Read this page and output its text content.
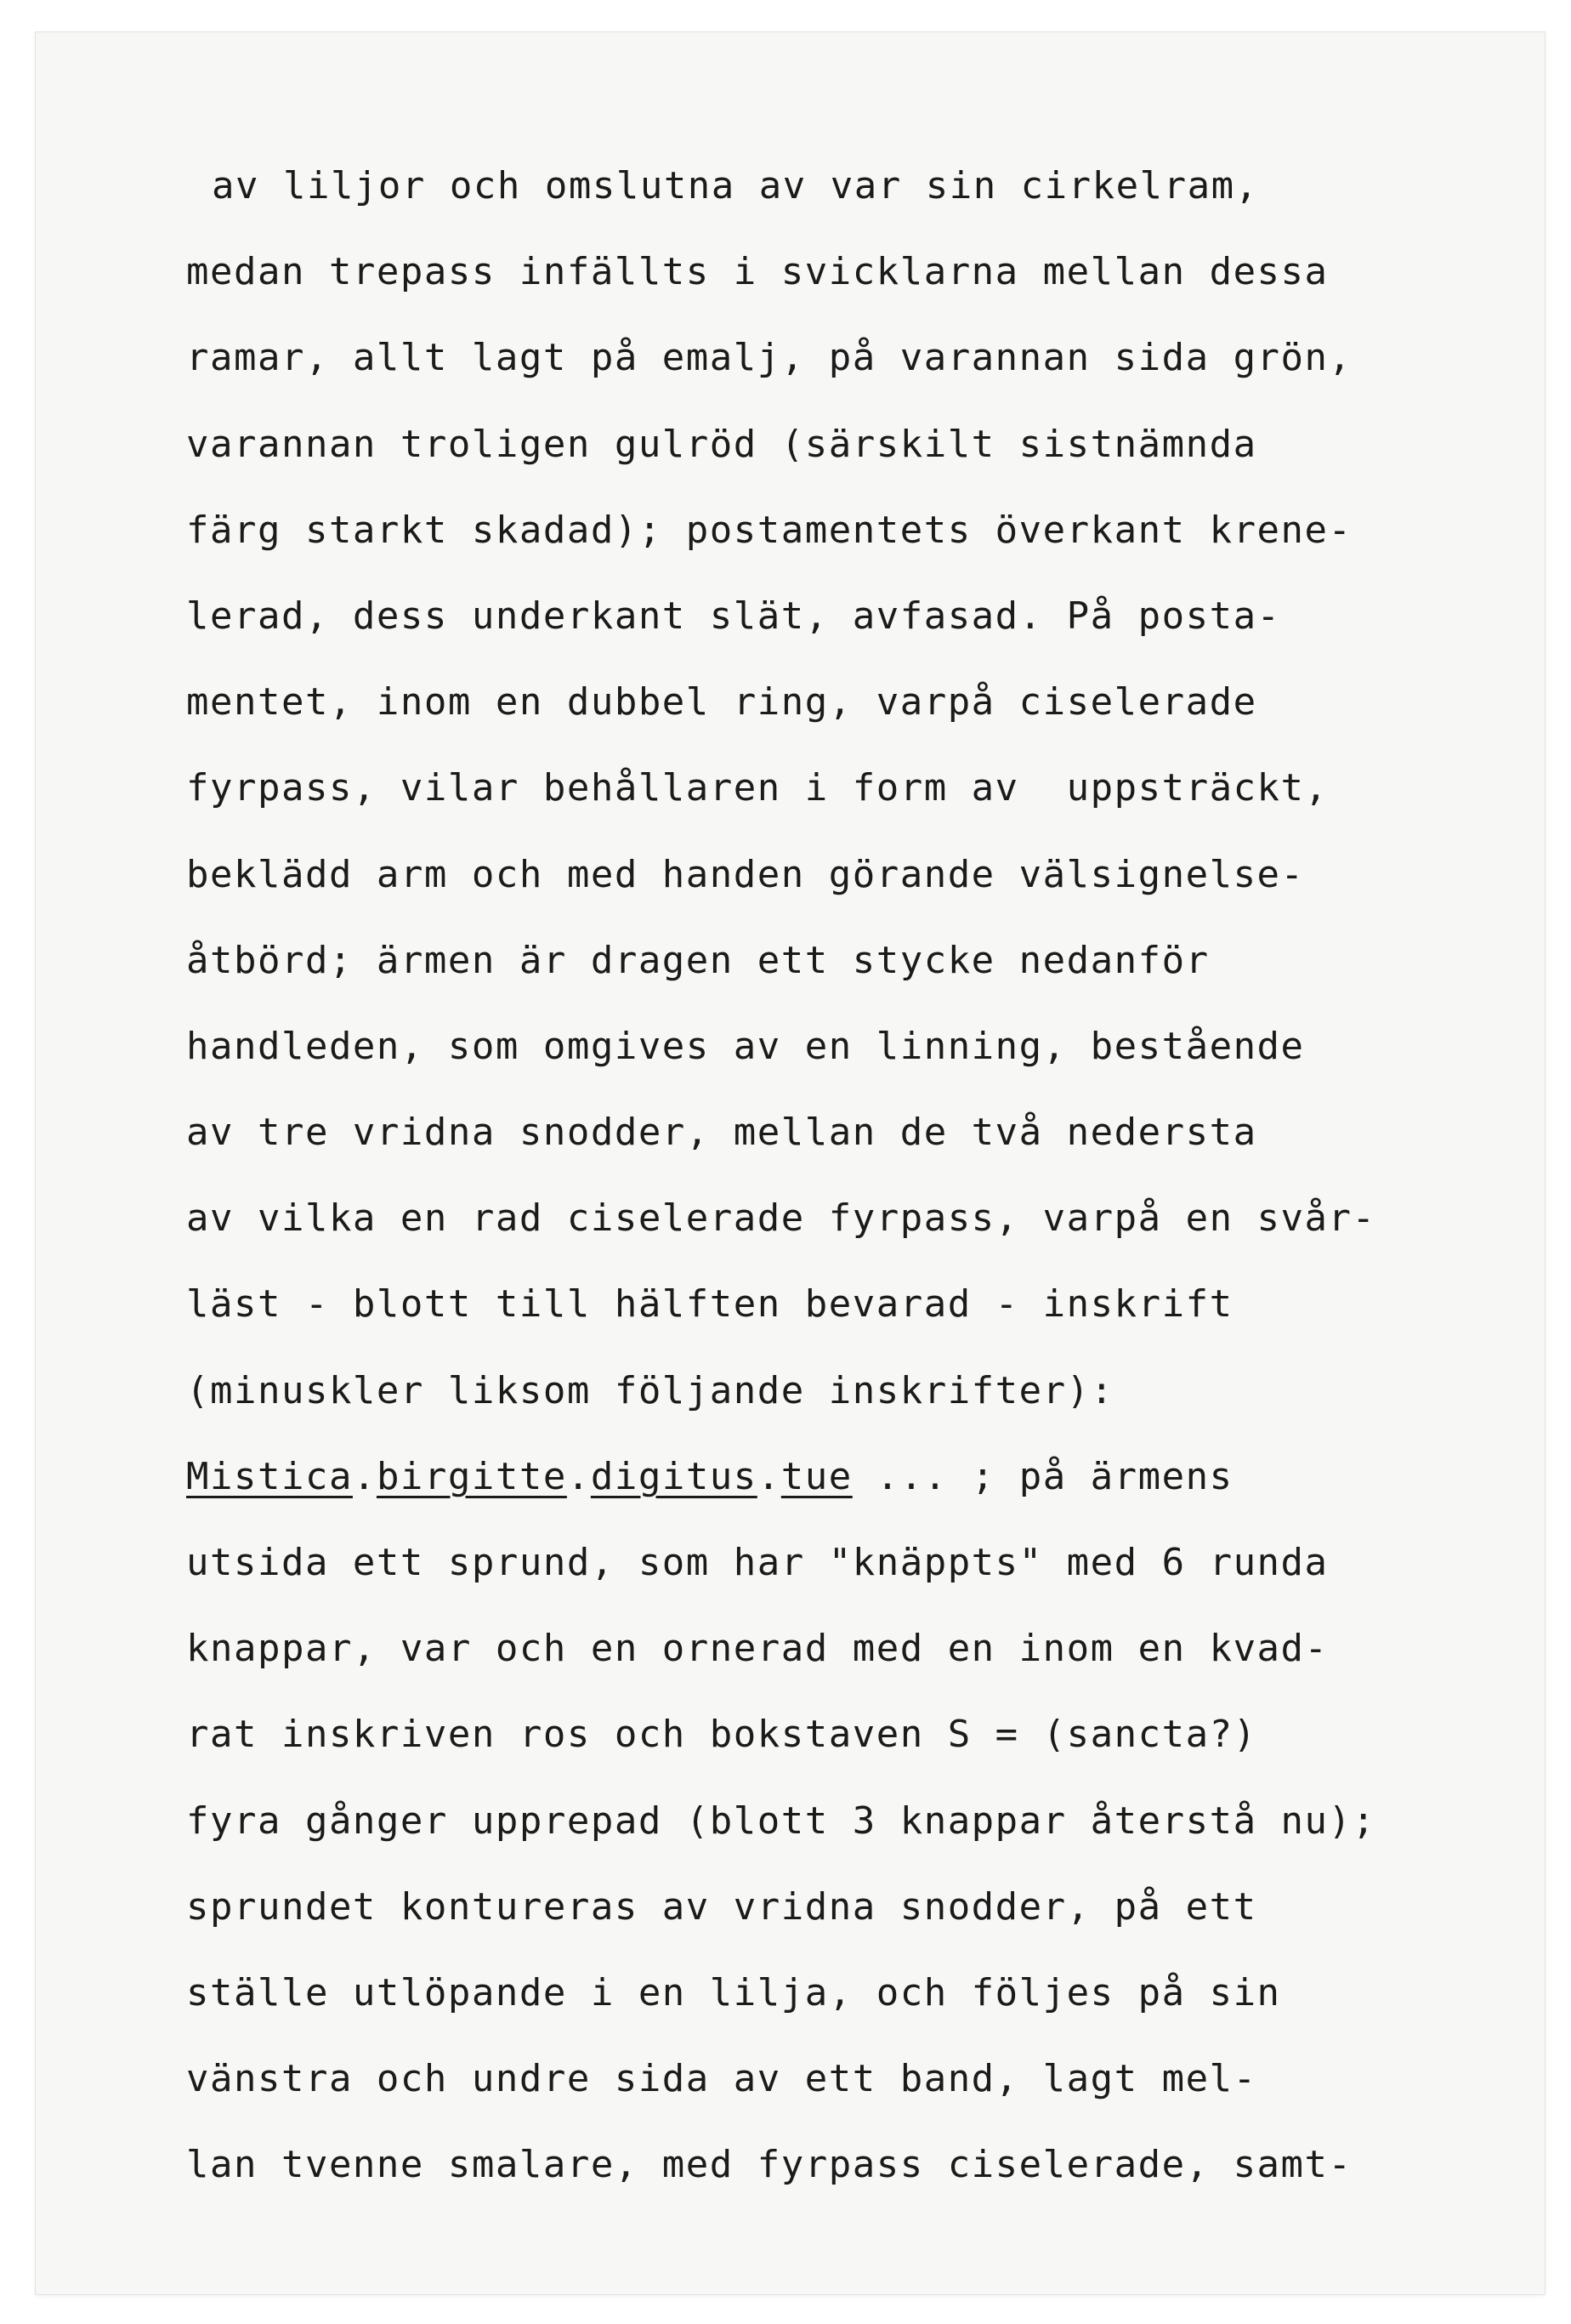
av liljor och omslutna av var sin cirkelram,
medan trepass infällts i svicklarna mellan dessa
ramar, allt lagt på emalj, på varannan sida grön,
varannan troligen gulröd (särskilt sistnämnda
färg starkt skadad); postamentets överkant krene-
lerad, dess underkant slät, avfasad. På posta-
mentet, inom en dubbel ring, varpå ciselerade
fyrpass, vilar behållaren i form av  uppsträckt,
beklädd arm och med handen görande välsignelse-
åtbörd; ärmen är dragen ett stycke nedanför
handleden, som omgives av en linning, bestående
av tre vridna snodder, mellan de två nedersta
av vilka en rad ciselerade fyrpass, varpå en svår-
läst - blott till hälften bevarad - inskrift
(minuskler liksom följande inskrifter):
Mistica.birgitte.digitus.tue ... ; på ärmens
utsida ett sprund, som har "knäppts" med 6 runda
knappar, var och en ornerad med en inom en kvad-
rat inskriven ros och bokstaven S = (sancta?)
fyra gånger upprepad (blott 3 knappar återstå nu);
sprundet kontureras av vridna snodder, på ett
ställe utlöpande i en lilja, och följes på sin
vänstra och undre sida av ett band, lagt mel-
lan tvenne smalare, med fyrpass ciselerade, samt-
